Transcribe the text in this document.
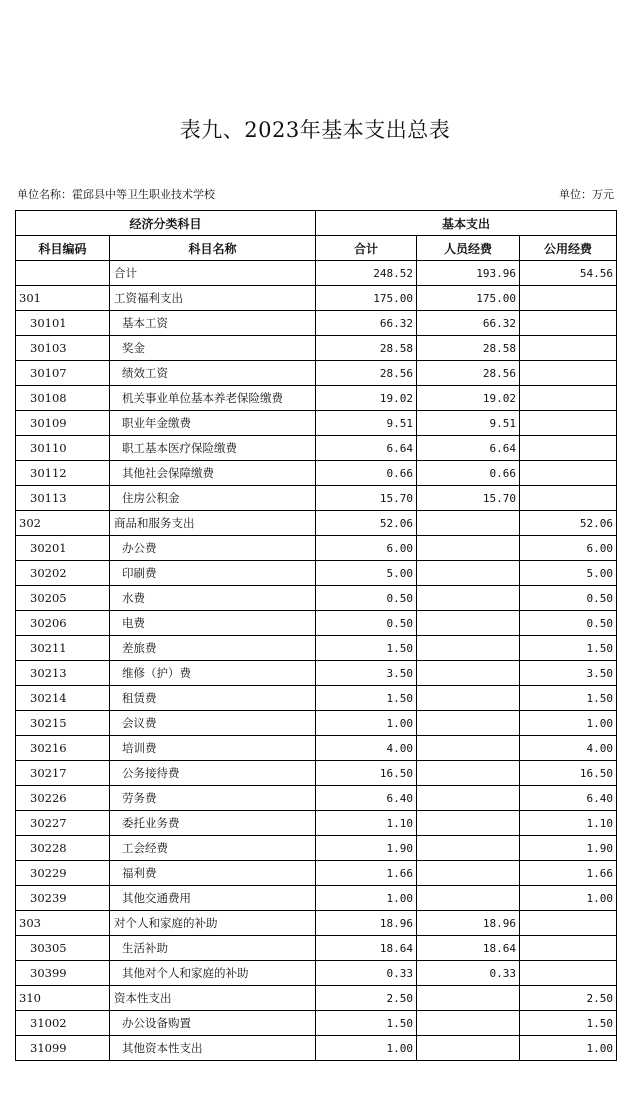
表九、2023年基本支出总表
单位名称：霍邱县中等卫生职业技术学校	单位：万元
经济分类科目		基本支出		
科目编码	科目名称	合计	人员经费	公用经费
	合计	248.52	193.96	54.56
301	工资福利支出	175.00	175.00	
30101	基本工资	66.32	66.32	
30103	奖金	28.58	28.58	
30107	绩效工资	28.56	28.56	
30108	机关事业单位基本养老保险缴费	19.02	19.02	
30109	职业年金缴费	9.51	9.51	
30110	职工基本医疗保险缴费	6.64	6.64	
30112	其他社会保障缴费	0.66	0.66	
30113	住房公积金	15.70	15.70	
302	商品和服务支出	52.06		52.06
30201	办公费	6.00		6.00
30202	印刷费	5.00		5.00
30205	水费	0.50		0.50
30206	电费	0.50		0.50
30211	差旅费	1.50		1.50
30213	维修（护）费	3.50		3.50
30214	租赁费	1.50		1.50
30215	会议费	1.00		1.00
30216	培训费	4.00		4.00
30217	公务接待费	16.50		16.50
30226	劳务费	6.40		6.40
30227	委托业务费	1.10		1.10
30228	工会经费	1.90		1.90
30229	福利费	1.66		1.66
30239	其他交通费用	1.00		1.00
303	对个人和家庭的补助	18.96	18.96	
30305	生活补助	18.64	18.64	
30399	其他对个人和家庭的补助	0.33	0.33	
310	资本性支出	2.50		2.50
31002	办公设备购置	1.50		1.50
31099	其他资本性支出	1.00		1.00
